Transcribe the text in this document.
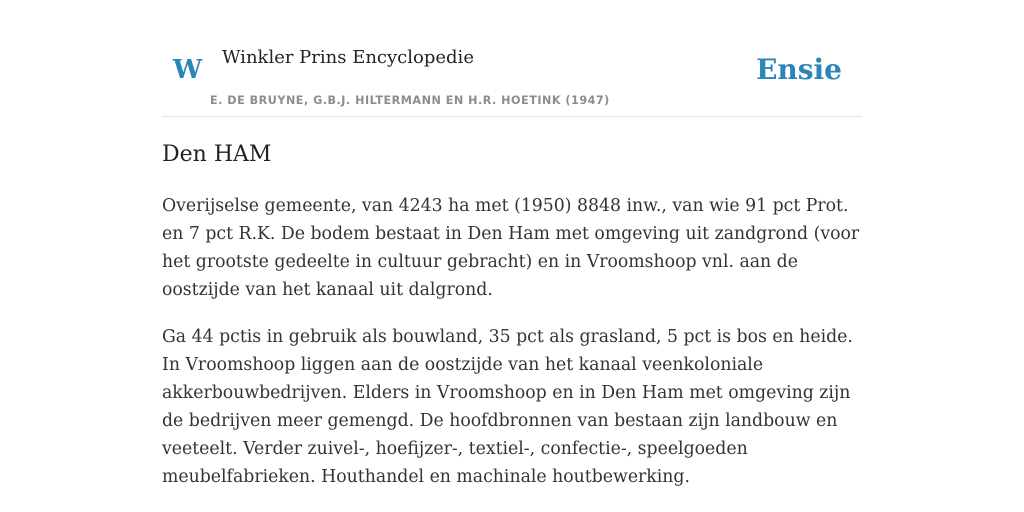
W Winkler Prins Encyclopedie
E. DE BRUYNE, G.B.J. HILTERMANN EN H.R. HOETINK (1947)
Ensie
Den HAM

Overijselse gemeente, van 4243 ha met (1950) 8848 inw., van wie 91 pct Prot. en 7 pct R.K. De bodem bestaat in Den Ham met omgeving uit zandgrond (voor het grootste gedeelte in cultuur gebracht) en in Vroomshoop vnl. aan de oostzijde van het kanaal uit dalgrond.

Ga 44 pctis in gebruik als bouwland, 35 pct als grasland, 5 pct is bos en heide. In Vroomshoop liggen aan de oostzijde van het kanaal veenkoloniale akkerbouwbedrijven. Elders in Vroomshoop en in Den Ham met omgeving zijn de bedrijven meer gemengd. De hoofdbronnen van bestaan zijn landbouw en veeteelt. Verder zuivel-, hoefijzer-, textiel-, confectie-, speelgoeden meubelfabrieken. Houthandel en machinale houtbewerking.
